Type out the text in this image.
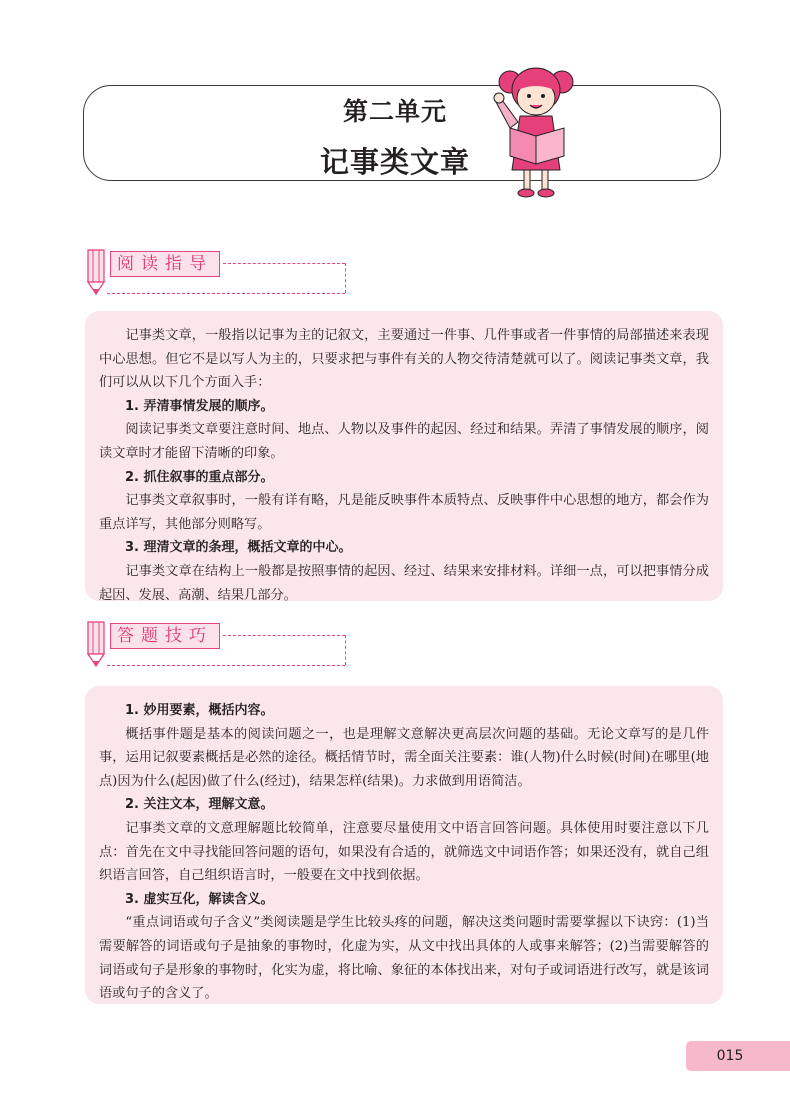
第二单元
记事类文章
阅读指导

记事类文章，一般指以记事为主的记叙文，主要通过一件事、几件事或者一件事情的局部描述来表现中心思想。但它不是以写人为主的，只要求把与事件有关的人物交待清楚就可以了。阅读记事类文章，我们可以从以下几个方面入手：

1. 弄清事情发展的顺序。

阅读记事类文章要注意时间、地点、人物以及事件的起因、经过和结果。弄清了事情发展的顺序，阅读文章时才能留下清晰的印象。

2. 抓住叙事的重点部分。

记事类文章叙事时，一般有详有略，凡是能反映事件本质特点、反映事件中心思想的地方，都会作为重点详写，其他部分则略写。

3. 理清文章的条理，概括文章的中心。

记事类文章在结构上一般都是按照事情的起因、经过、结果来安排材料。详细一点，可以把事情分成起因、发展、高潮、结果几部分。

答题技巧

1. 妙用要素，概括内容。

概括事件题是基本的阅读问题之一，也是理解文意解决更高层次问题的基础。无论文章写的是几件事，运用记叙要素概括是必然的途径。概括情节时，需全面关注要素：谁(人物)什么时候(时间)在哪里(地点)因为什么(起因)做了什么(经过)，结果怎样(结果)。力求做到用语简洁。

2. 关注文本，理解文意。

记事类文章的文意理解题比较简单，注意要尽量使用文中语言回答问题。具体使用时要注意以下几点：首先在文中寻找能回答问题的语句，如果没有合适的，就筛选文中词语作答；如果还没有，就自己组织语言回答，自己组织语言时，一般要在文中找到依据。

3. 虚实互化，解读含义。

“重点词语或句子含义”类阅读题是学生比较头疼的问题，解决这类问题时需要掌握以下诀窍：(1)当需要解答的词语或句子是抽象的事物时，化虚为实，从文中找出具体的人或事来解答；(2)当需要解答的词语或句子是形象的事物时，化实为虚，将比喻、象征的本体找出来，对句子或词语进行改写，就是该词语或句子的含义了。

015
